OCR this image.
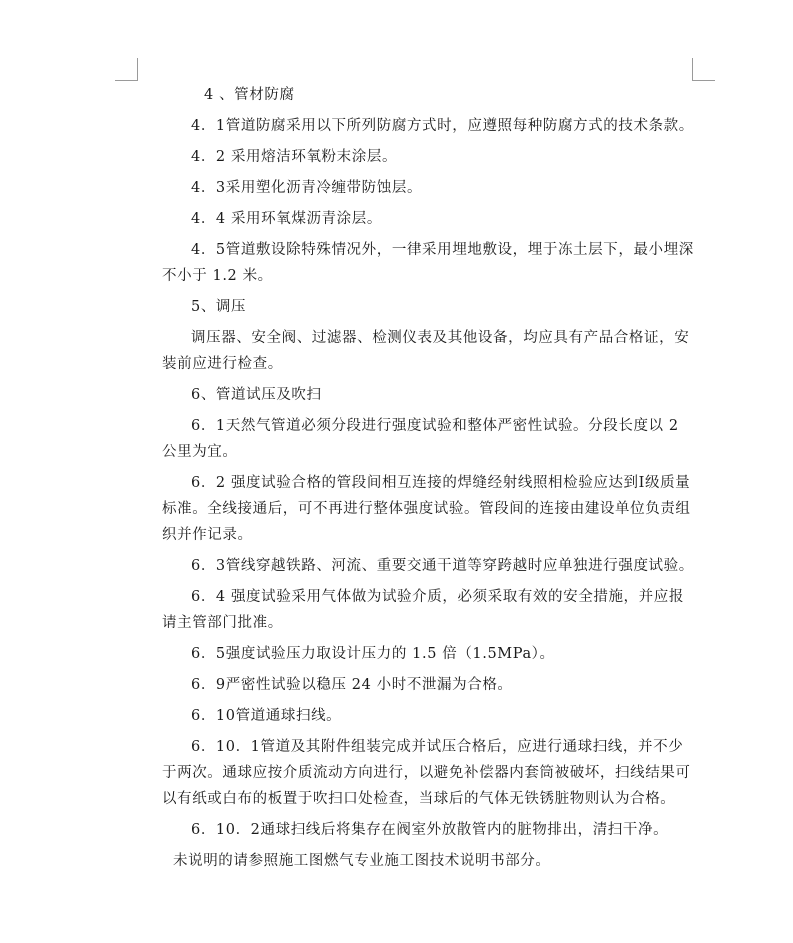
4 、管材防腐

4．1管道防腐采用以下所列防腐方式时，应遵照每种防腐方式的技术条款。

4．2 采用熔洁环氧粉末涂层。

4．3采用塑化沥青冷缠带防蚀层。

4．4 采用环氧煤沥青涂层。

4．5管道敷设除特殊情况外，一律采用埋地敷设，埋于冻土层下，最小埋深不小于 1.2 米。

5、调压

调压器、安全阀、过滤器、检测仪表及其他设备，均应具有产品合格证，安装前应进行检查。

6、管道试压及吹扫

6．1天然气管道必须分段进行强度试验和整体严密性试验。分段长度以 2 公里为宜。

6．2 强度试验合格的管段间相互连接的焊缝经射线照相检验应达到Ⅰ级质量标准。全线接通后，可不再进行整体强度试验。管段间的连接由建设单位负责组织并作记录。

6．3管线穿越铁路、河流、重要交通干道等穿跨越时应单独进行强度试验。

6．4 强度试验采用气体做为试验介质，必须采取有效的安全措施，并应报请主管部门批准。

6．5强度试验压力取设计压力的 1.5 倍（1.5MPa）。

6．9严密性试验以稳压 24 小时不泄漏为合格。

6．10管道通球扫线。

6．10．1管道及其附件组装完成并试压合格后，应进行通球扫线，并不少于两次。通球应按介质流动方向进行，以避免补偿器内套筒被破坏，扫线结果可以有纸或白布的板置于吹扫口处检查，当球后的气体无铁锈脏物则认为合格。

6．10．2通球扫线后将集存在阀室外放散管内的脏物排出，清扫干净。

未说明的请参照施工图燃气专业施工图技术说明书部分。
